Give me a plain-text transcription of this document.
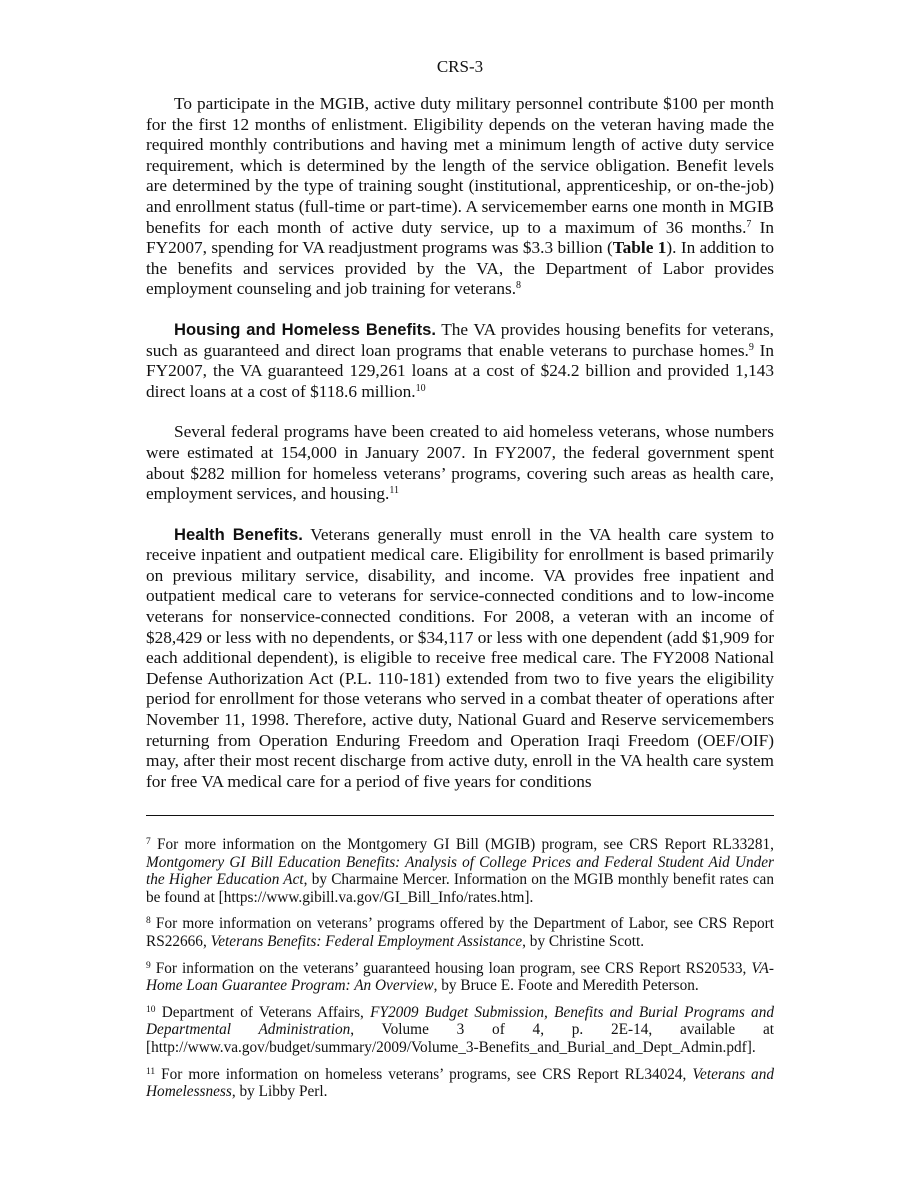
CRS-3

To participate in the MGIB, active duty military personnel contribute $100 per month for the first 12 months of enlistment. Eligibility depends on the veteran having made the required monthly contributions and having met a minimum length of active duty service requirement, which is determined by the length of the service obligation. Benefit levels are determined by the type of training sought (institutional, apprenticeship, or on-the-job) and enrollment status (full-time or part-time). A servicemember earns one month in MGIB benefits for each month of active duty service, up to a maximum of 36 months.$^7$ In FY2007, spending for VA readjustment programs was $3.3 billion (Table 1). In addition to the benefits and services provided by the VA, the Department of Labor provides employment counseling and job training for veterans.$^8$

Housing and Homeless Benefits. The VA provides housing benefits for veterans, such as guaranteed and direct loan programs that enable veterans to purchase homes.$^9$ In FY2007, the VA guaranteed 129,261 loans at a cost of $24.2 billion and provided 1,143 direct loans at a cost of $118.6 million.$^{10}$

Several federal programs have been created to aid homeless veterans, whose numbers were estimated at 154,000 in January 2007. In FY2007, the federal government spent about $282 million for homeless veterans’ programs, covering such areas as health care, employment services, and housing.$^{11}$

Health Benefits. Veterans generally must enroll in the VA health care system to receive inpatient and outpatient medical care. Eligibility for enrollment is based primarily on previous military service, disability, and income. VA provides free inpatient and outpatient medical care to veterans for service-connected conditions and to low-income veterans for nonservice-connected conditions. For 2008, a veteran with an income of $28,429 or less with no dependents, or $34,117 or less with one dependent (add $1,909 for each additional dependent), is eligible to receive free medical care. The FY2008 National Defense Authorization Act (P.L. 110-181) extended from two to five years the eligibility period for enrollment for those veterans who served in a combat theater of operations after November 11, 1998. Therefore, active duty, National Guard and Reserve servicemembers returning from Operation Enduring Freedom and Operation Iraqi Freedom (OEF/OIF) may, after their most recent discharge from active duty, enroll in the VA health care system for free VA medical care for a period of five years for conditions

$^7$ For more information on the Montgomery GI Bill (MGIB) program, see CRS Report RL33281, Montgomery GI Bill Education Benefits: Analysis of College Prices and Federal Student Aid Under the Higher Education Act, by Charmaine Mercer. Information on the MGIB monthly benefit rates can be found at [https://www.gibill.va.gov/GI_Bill_Info/rates.htm].

$^8$ For more information on veterans’ programs offered by the Department of Labor, see CRS Report RS22666, Veterans Benefits: Federal Employment Assistance, by Christine Scott.

$^9$ For information on the veterans’ guaranteed housing loan program, see CRS Report RS20533, VA-Home Loan Guarantee Program: An Overview, by Bruce E. Foote and Meredith Peterson.

$^{10}$ Department of Veterans Affairs, FY2009 Budget Submission, Benefits and Burial Programs and Departmental Administration, Volume 3 of 4, p. 2E-14, available at [http://www.va.gov/budget/summary/2009/Volume_3-Benefits_and_Burial_and_Dept_Admin.pdf].

$^{11}$ For more information on homeless veterans’ programs, see CRS Report RL34024, Veterans and Homelessness, by Libby Perl.
